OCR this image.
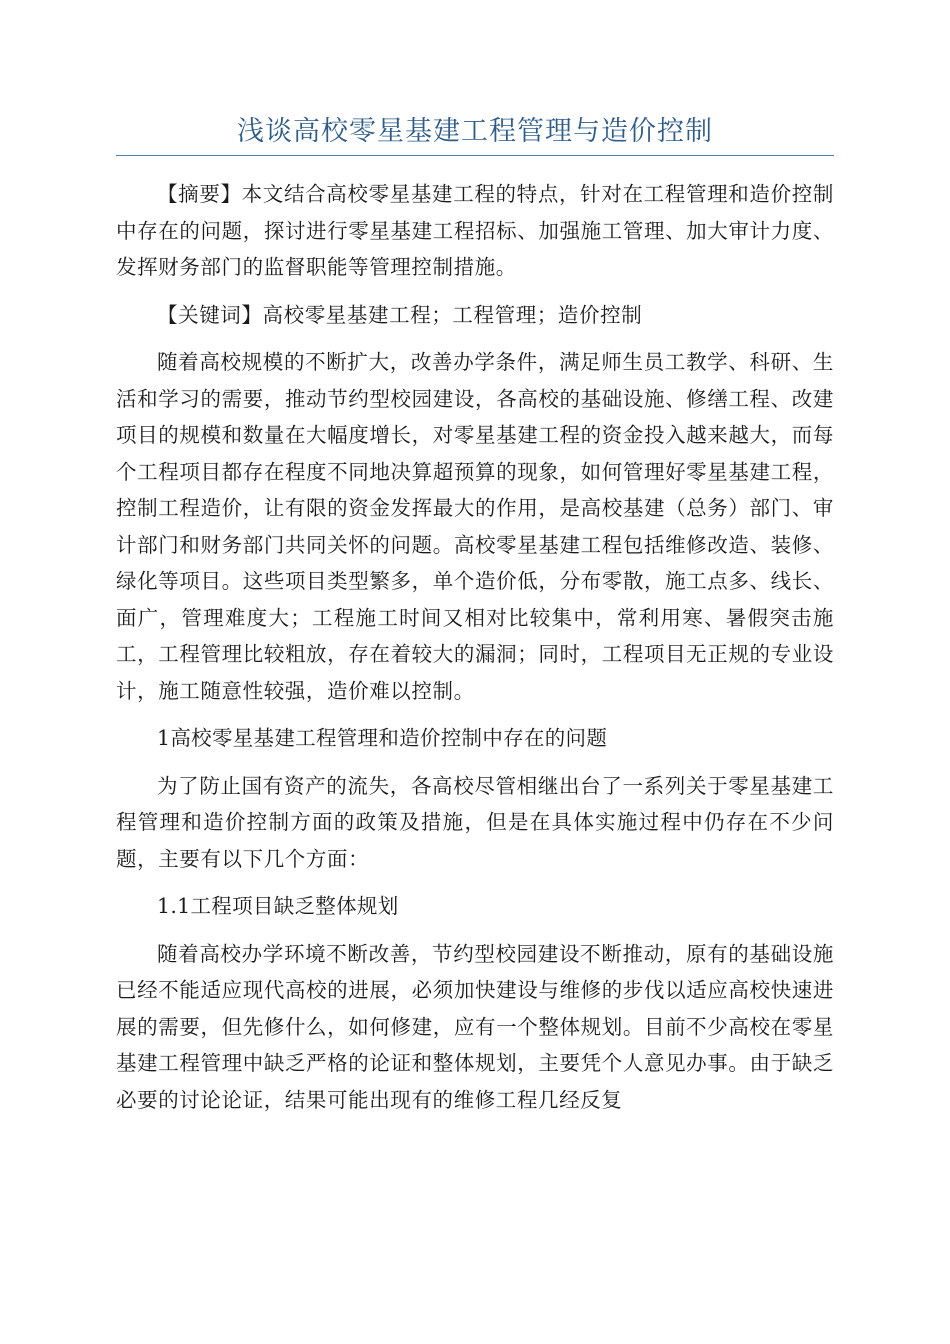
浅谈高校零星基建工程管理与造价控制

【摘要】本文结合高校零星基建工程的特点，针对在工程管理和造价控制中存在的问题，探讨进行零星基建工程招标、加强施工管理、加大审计力度、发挥财务部门的监督职能等管理控制措施。

【关键词】高校零星基建工程；工程管理；造价控制

随着高校规模的不断扩大，改善办学条件，满足师生员工教学、科研、生活和学习的需要，推动节约型校园建设，各高校的基础设施、修缮工程、改建项目的规模和数量在大幅度增长，对零星基建工程的资金投入越来越大，而每个工程项目都存在程度不同地决算超预算的现象，如何管理好零星基建工程，控制工程造价，让有限的资金发挥最大的作用，是高校基建（总务）部门、审计部门和财务部门共同关怀的问题。高校零星基建工程包括维修改造、装修、绿化等项目。这些项目类型繁多，单个造价低，分布零散，施工点多、线长、面广，管理难度大；工程施工时间又相对比较集中，常利用寒、暑假突击施工，工程管理比较粗放，存在着较大的漏洞；同时，工程项目无正规的专业设计，施工随意性较强，造价难以控制。

1高校零星基建工程管理和造价控制中存在的问题

为了防止国有资产的流失，各高校尽管相继出台了一系列关于零星基建工程管理和造价控制方面的政策及措施，但是在具体实施过程中仍存在不少问题，主要有以下几个方面：

1.1工程项目缺乏整体规划

随着高校办学环境不断改善，节约型校园建设不断推动，原有的基础设施已经不能适应现代高校的进展，必须加快建设与维修的步伐以适应高校快速进展的需要，但先修什么，如何修建，应有一个整体规划。目前不少高校在零星基建工程管理中缺乏严格的论证和整体规划，主要凭个人意见办事。由于缺乏必要的讨论论证，结果可能出现有的维修工程几经反复
